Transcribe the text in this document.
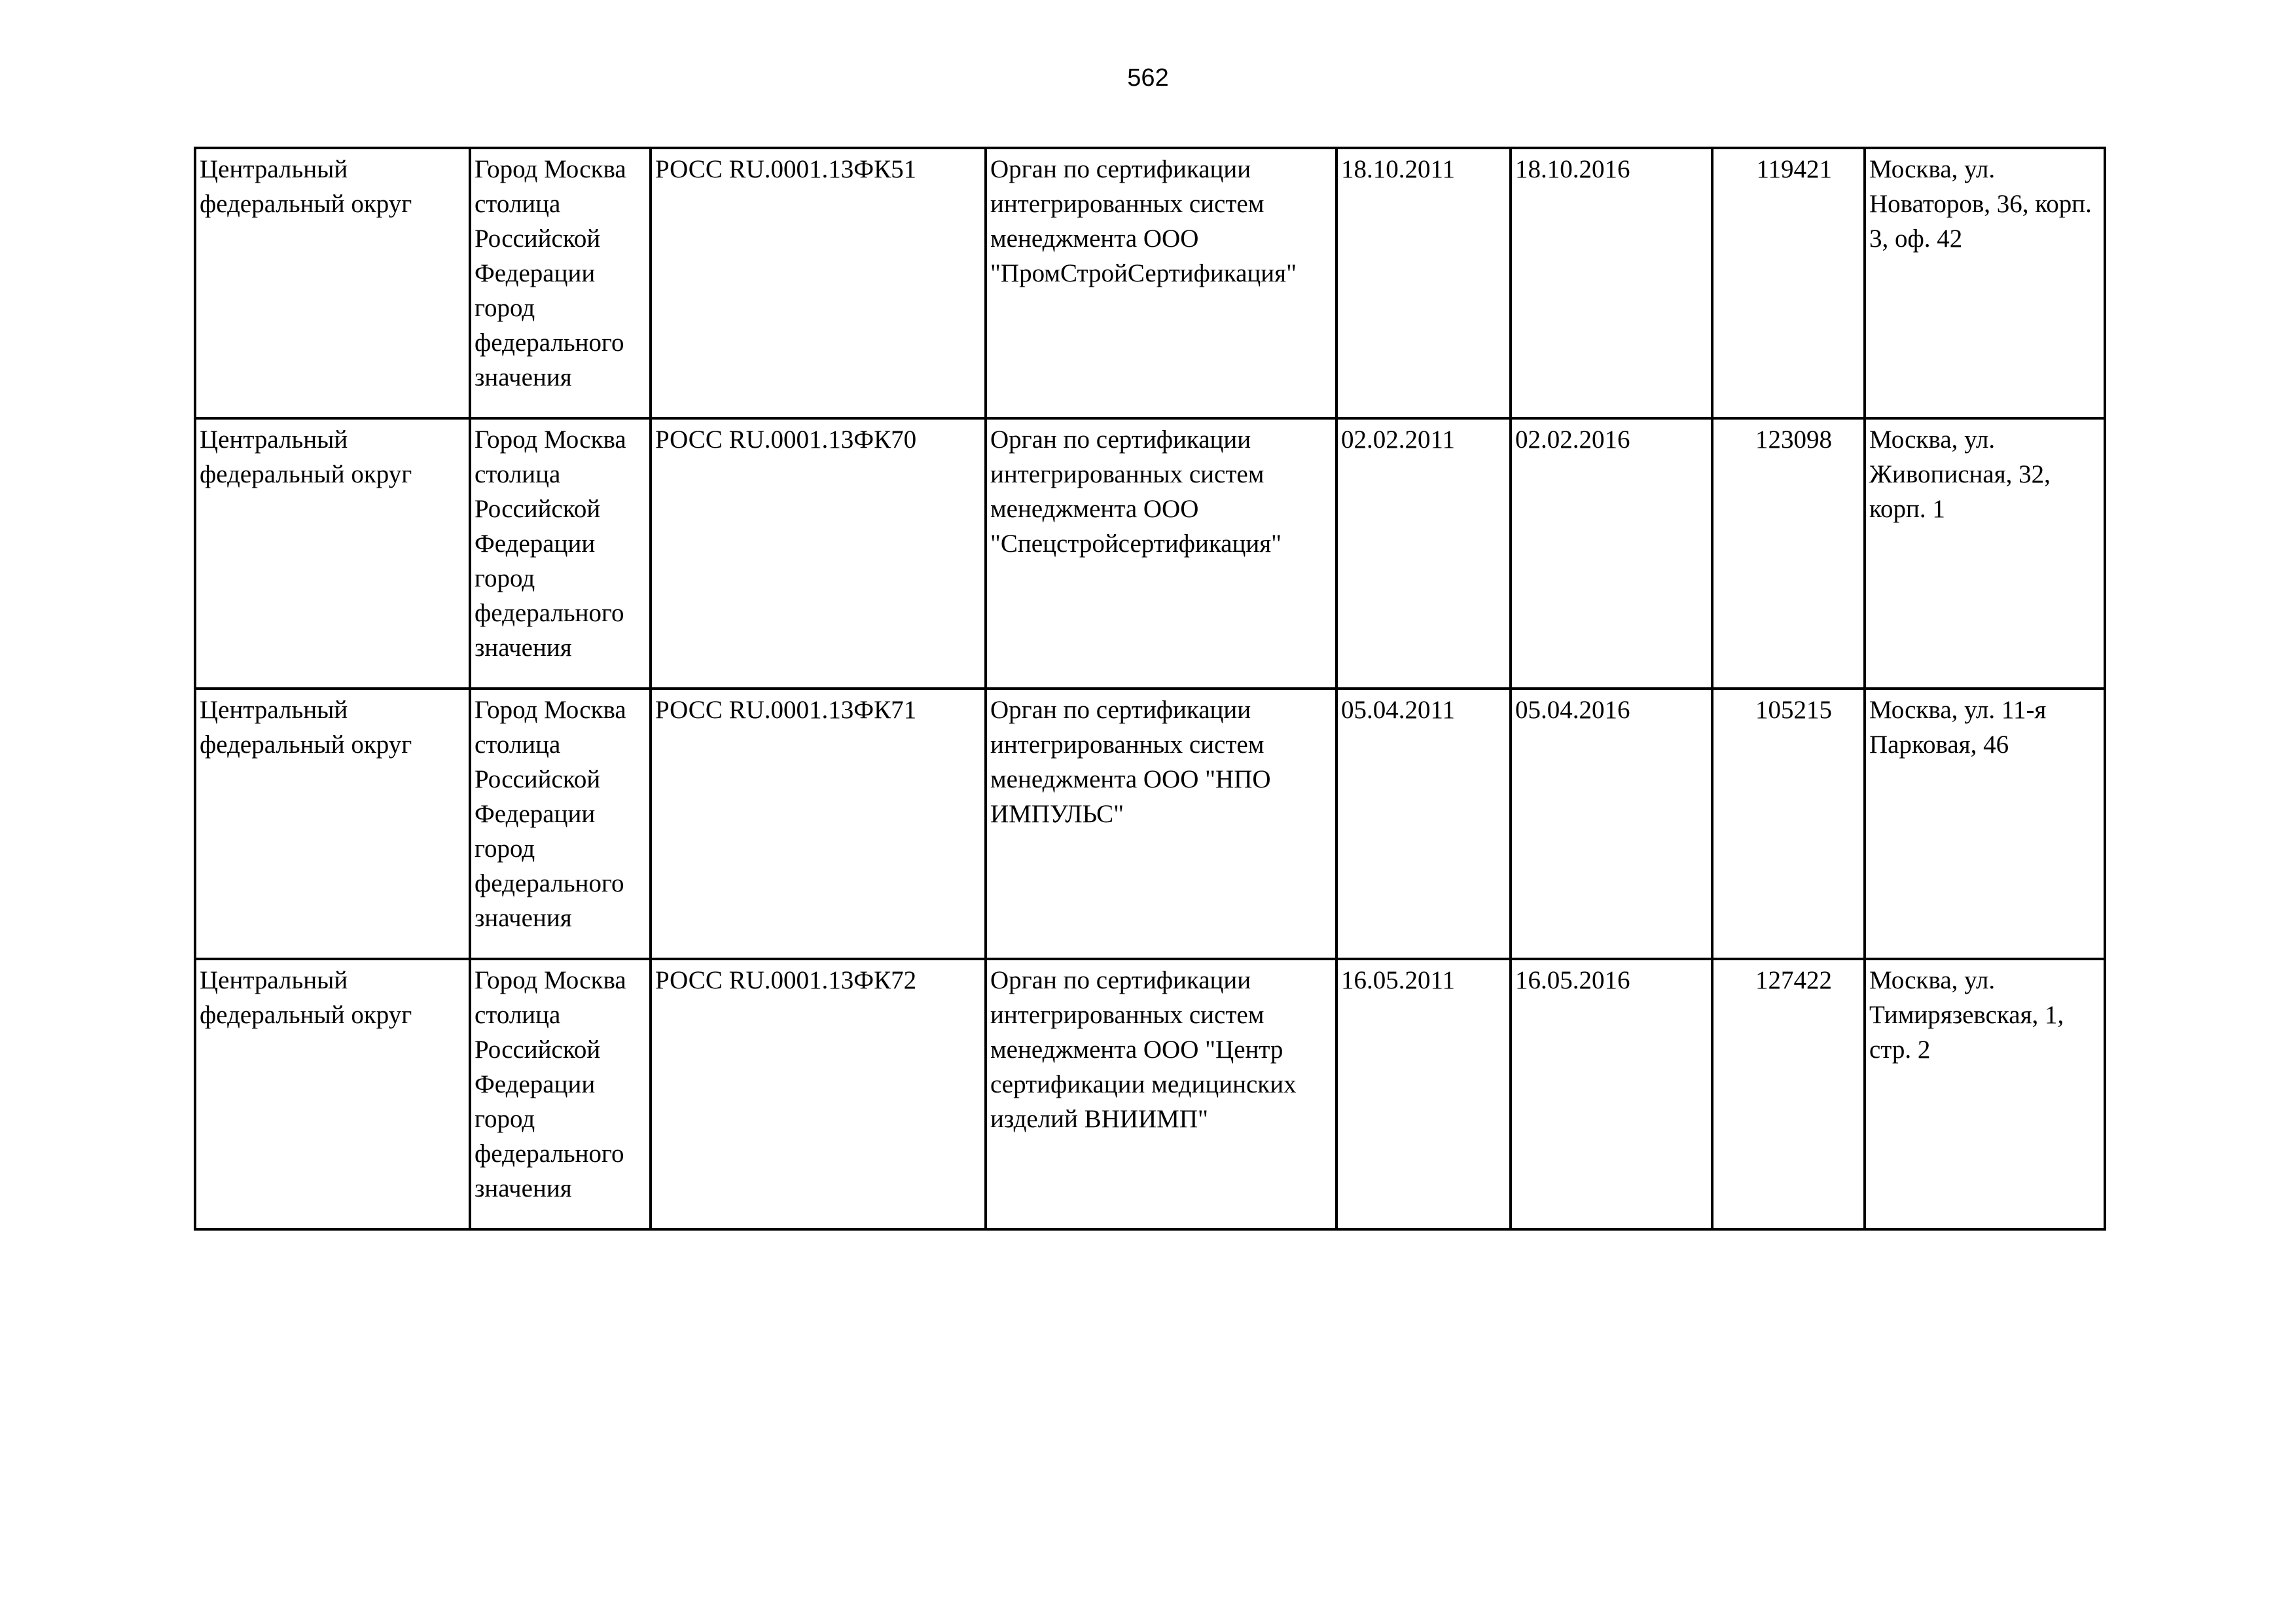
562
Центральный федеральный округ	Город Москва столица Российской Федерации город федерального значения	РОСС RU.0001.13ФК51	Орган по сертификации интегрированных систем менеджмента ООО "ПромСтройСертификация"	18.10.2011	18.10.2016	119421	Москва, ул. Новаторов, 36, корп. 3, оф. 42

Центральный федеральный округ	Город Москва столица Российской Федерации город федерального значения	РОСС RU.0001.13ФК70	Орган по сертификации интегрированных систем менеджмента ООО "Спецстройсертификация"	02.02.2011	02.02.2016	123098	Москва, ул. Живописная, 32, корп. 1

Центральный федеральный округ	Город Москва столица Российской Федерации город федерального значения	РОСС RU.0001.13ФК71	Орган по сертификации интегрированных систем менеджмента ООО "НПО ИМПУЛЬС"	05.04.2011	05.04.2016	105215	Москва, ул. 11-я Парковая, 46

Центральный федеральный округ	Город Москва столица Российской Федерации город федерального значения	РОСС RU.0001.13ФК72	Орган по сертификации интегрированных систем менеджмента ООО "Центр сертификации медицинских изделий ВНИИМП"	16.05.2011	16.05.2016	127422	Москва, ул. Тимирязевская, 1, стр. 2
